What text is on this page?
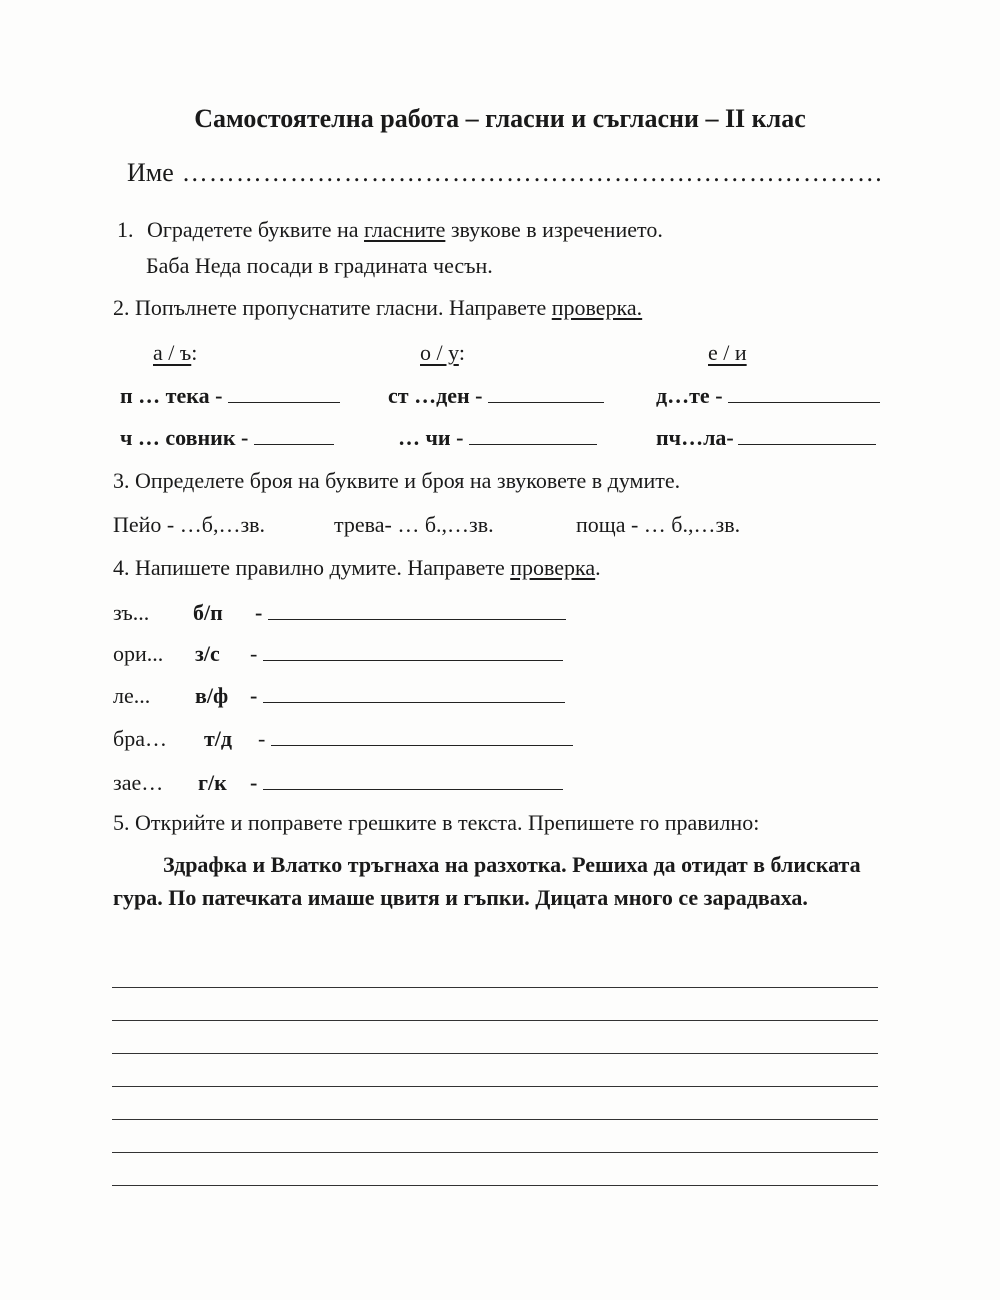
Самостоятелна работа – гласни и съгласни – II клас
Име ……………………………………………………………………
1. Оградетете буквите на гласните звукове в изречението.
Баба Неда посади в градината чесън.
2. Попълнете пропуснатите гласни. Направете проверка.
а / ъ:	о / у:	е / и
п … тека -	ст …ден -	д…те -
ч … совник -	… чи -	пч…ла-
3. Определете броя на буквите и броя на звуковете в думите.
Пейо - …б,…зв.	трева- … б.,…зв.	поща - … б.,…зв.
4. Напишете правилно думите. Направете проверка.
зъ... б/п -
ори... з/с -
ле... в/ф -
бра… т/д -
зае… г/к -
5. Открийте и поправете грешките в текста. Препишете го правилно:
Здрафка и Влатко тръгнаха на разхотка. Решиха да отидат в блиската гура. По патечката имаше цвитя и гъпки. Дицата много се зарадваха.
